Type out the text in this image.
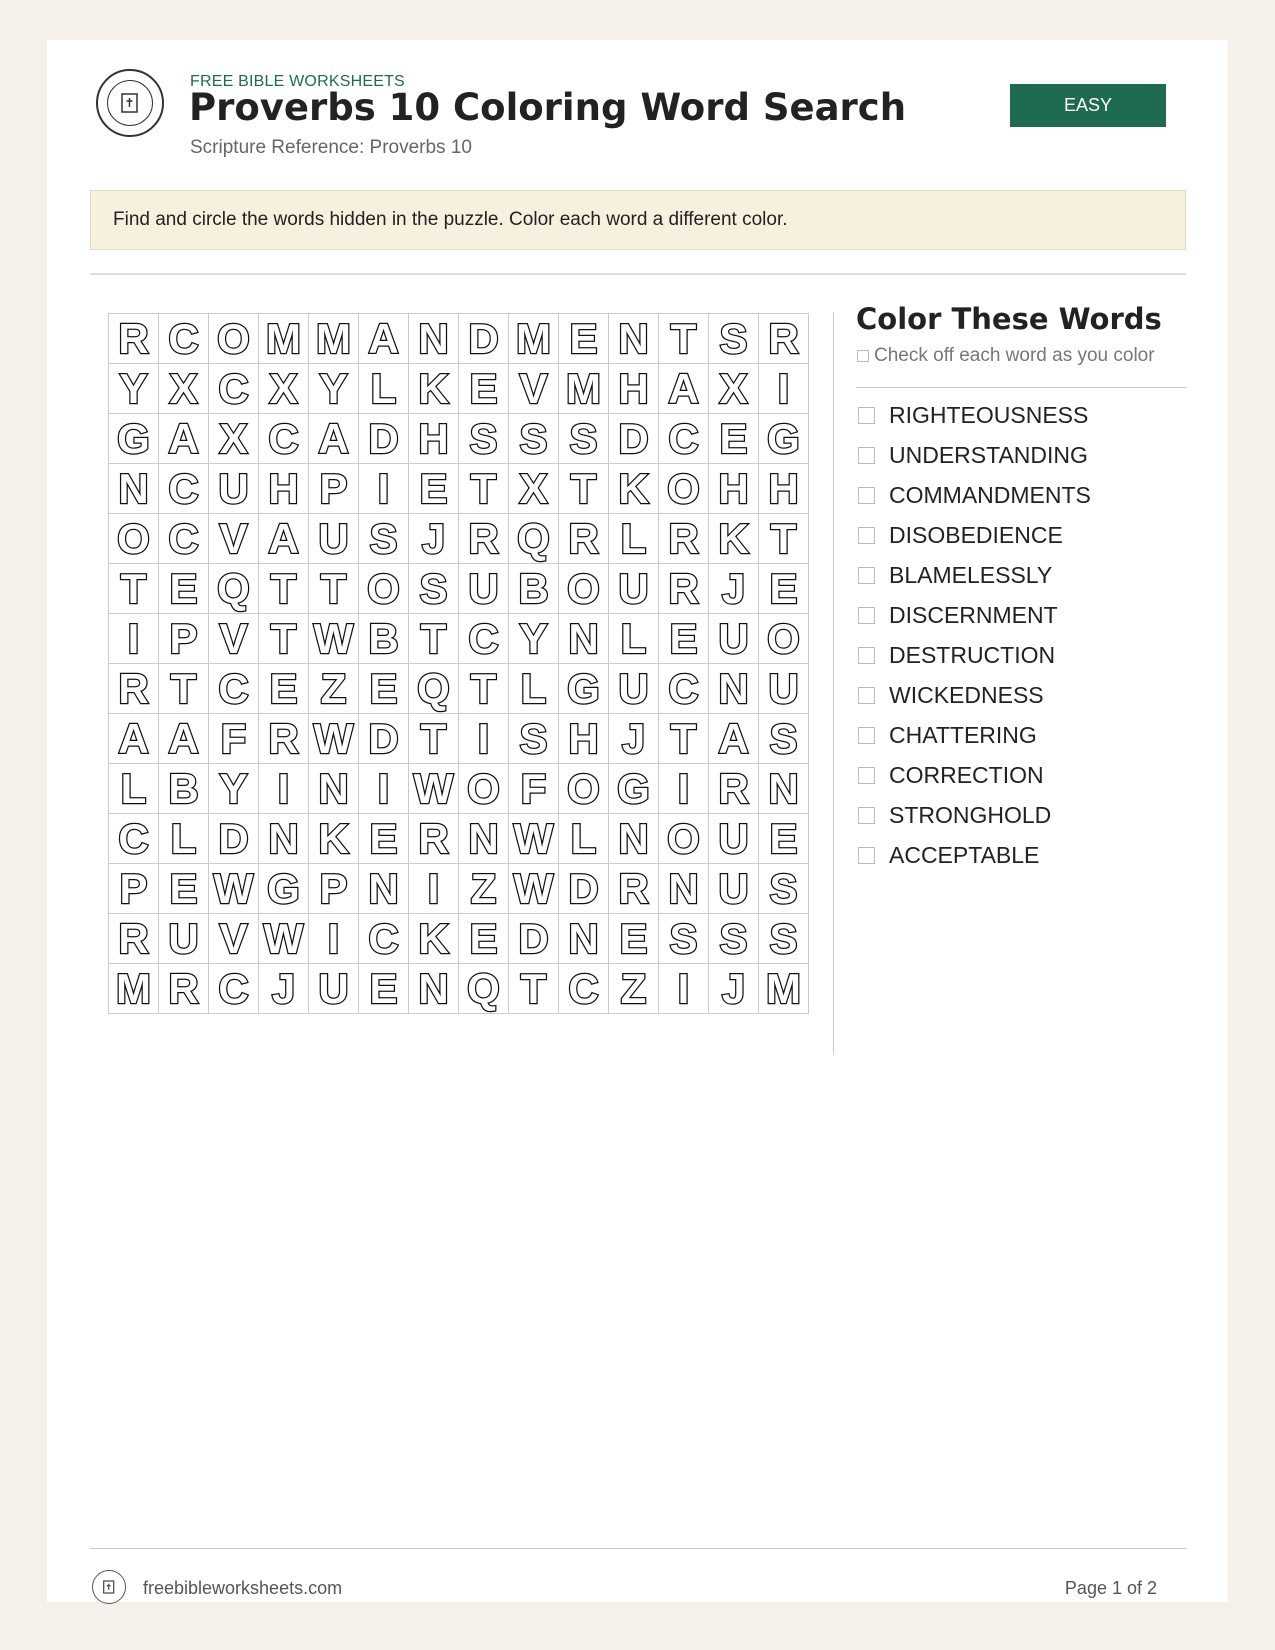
FREE BIBLE WORKSHEETS
Proverbs 10 Coloring Word Search
Scripture Reference: Proverbs 10
EASY
Find and circle the words hidden in the puzzle. Color each word a different color.
R C O M M A N D M E N T S R
Y X C X Y L K E V M H A X I
G A X C A D H S S S D C E G
N C U H P I E T X T K O H H
O C V A U S J R Q R L R K T
T E Q T T O S U B O U R J E
I P V T W B T C Y N L E U O
R T C E Z E Q T L G U C N U
A A F R W D T I S H J T A S
L B Y I N I W O F O G I R N
C L D N K E R N W L N O U E
P E W G P N I Z W D R N U S
R U V W I C K E D N E S S S
M R C J U E N Q T C Z I J M
Color These Words
Check off each word as you color
RIGHTEOUSNESS
UNDERSTANDING
COMMANDMENTS
DISOBEDIENCE
BLAMELESSLY
DISCERNMENT
DESTRUCTION
WICKEDNESS
CHATTERING
CORRECTION
STRONGHOLD
ACCEPTABLE
freebibleworksheets.com	Page 1 of 2
